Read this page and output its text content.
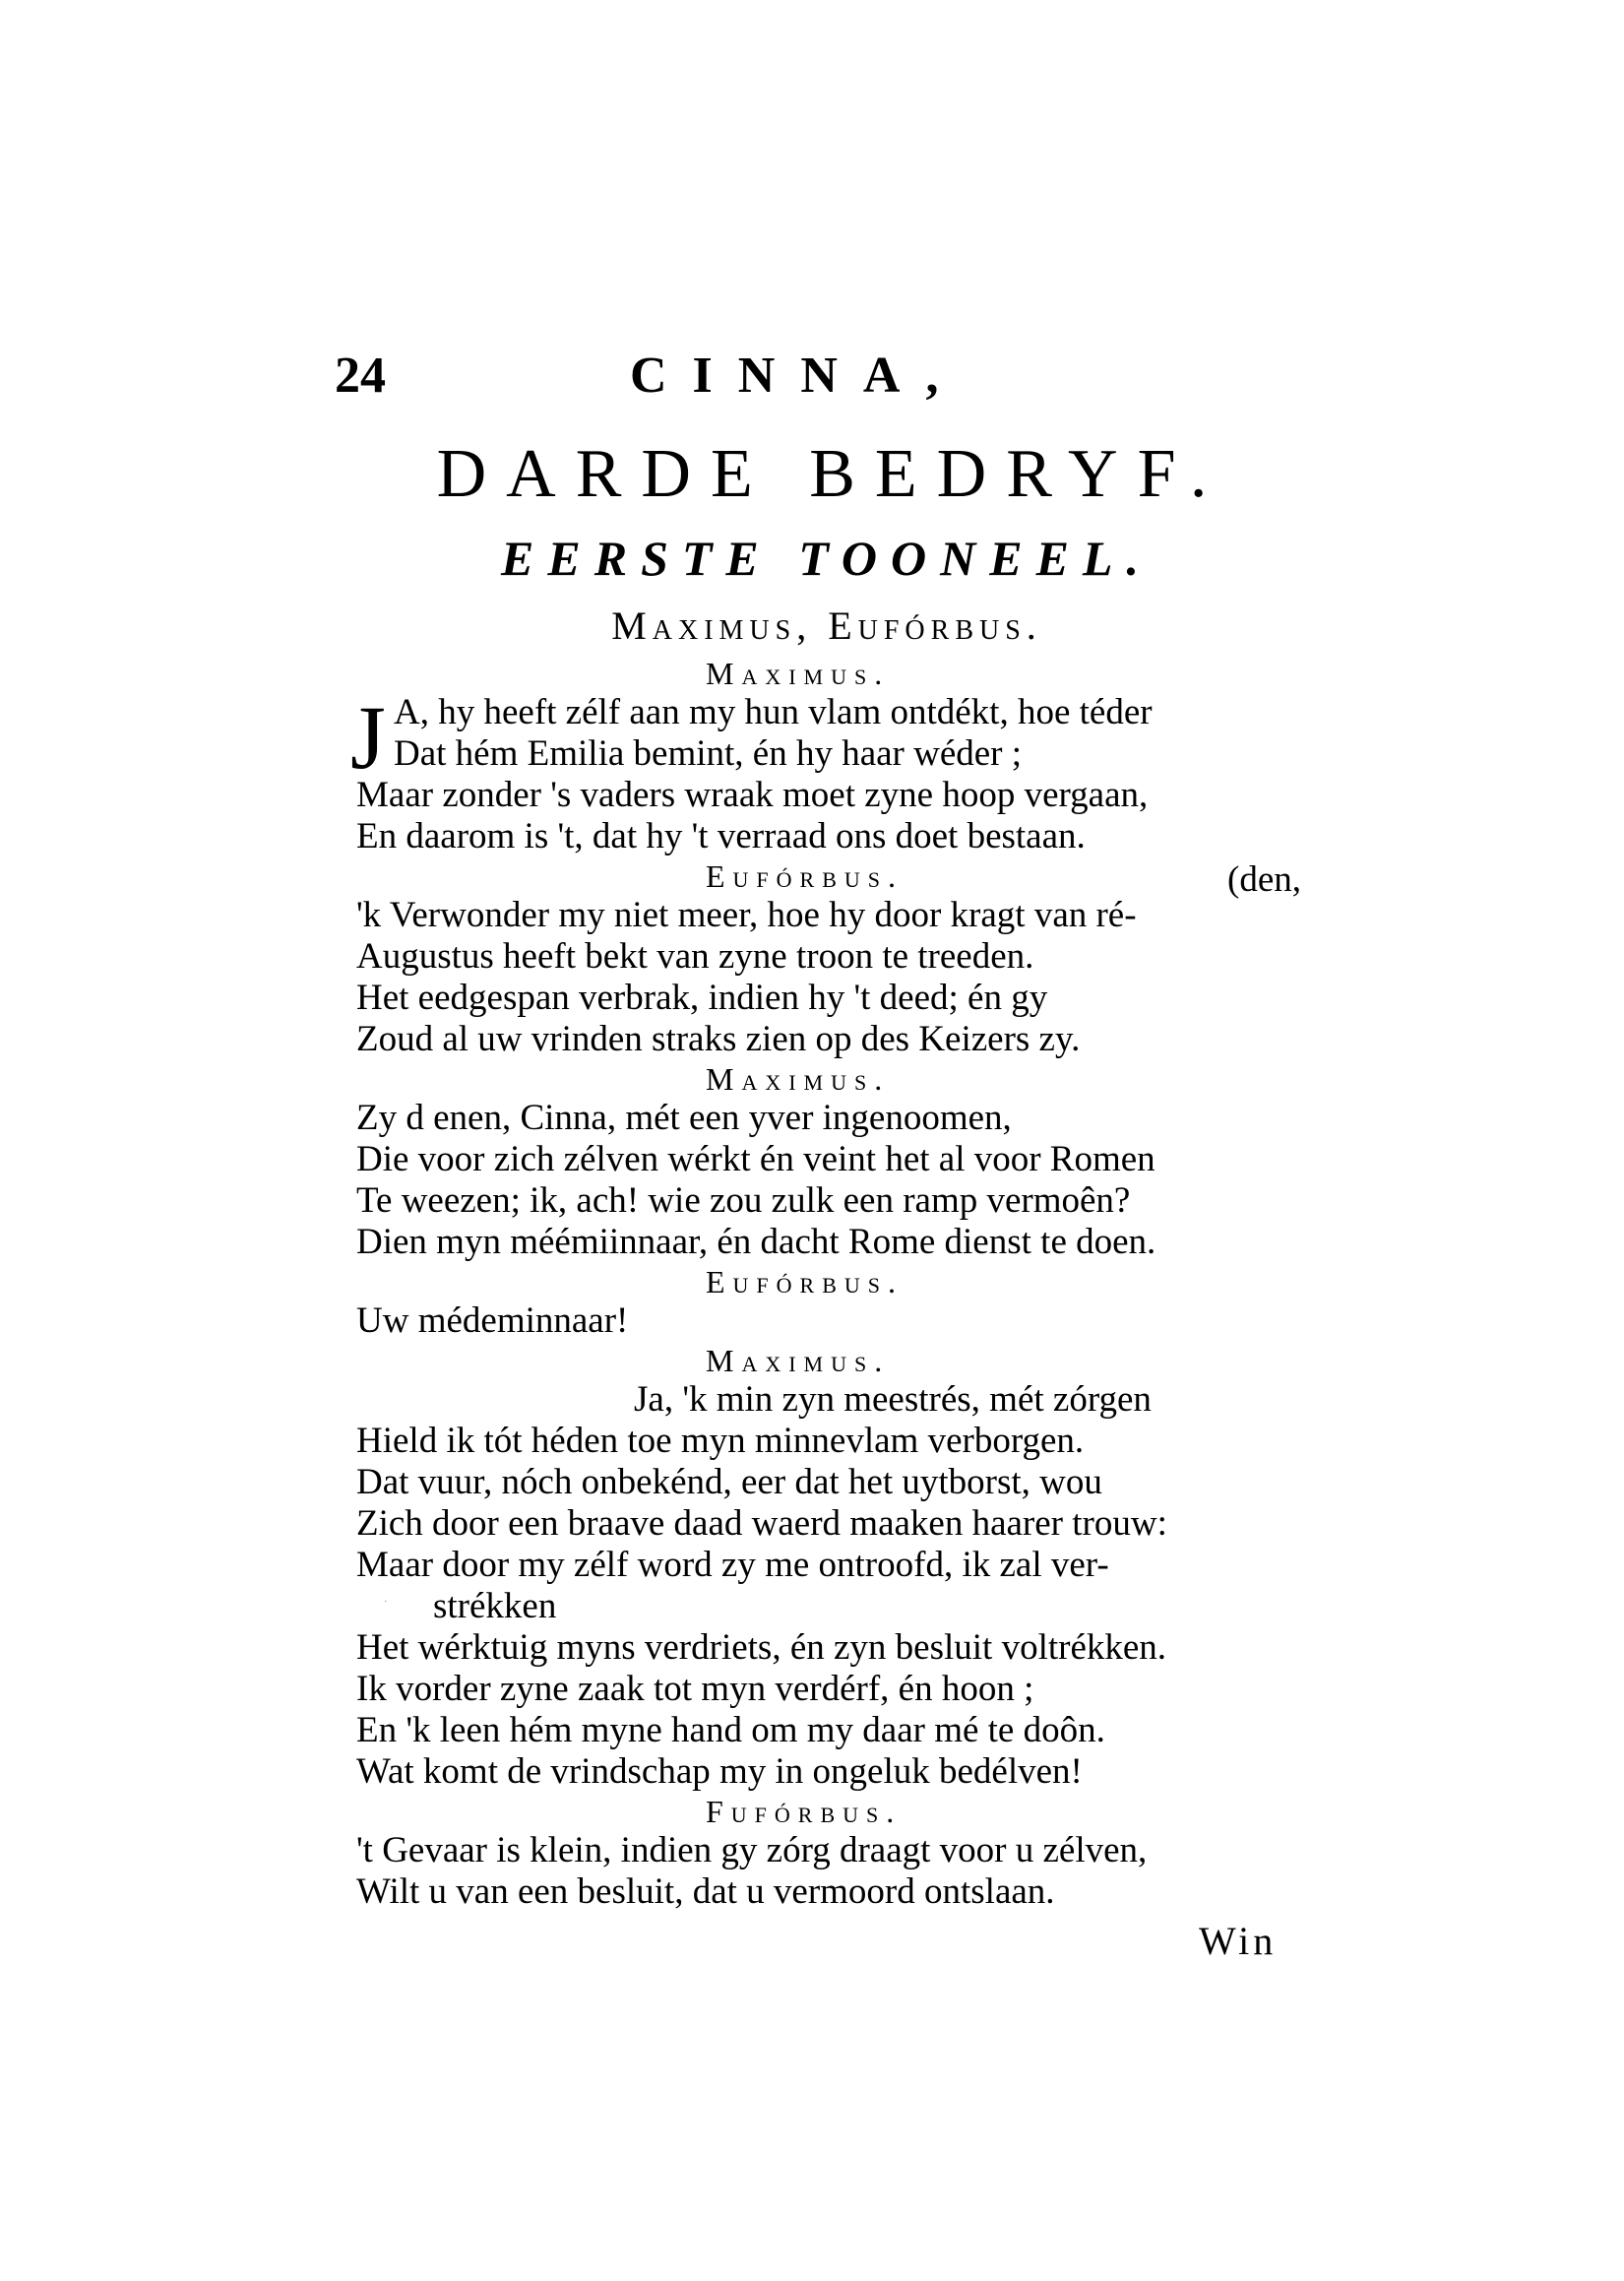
24	CINNA,
DARDE BEDRYF.
EERSTE TOONEEL.
Maximus, Eufórbus.
Maximus.
J A, hy heeft zélf aan my hun vlam ontdékt, hoe téder
Dat hém Emilia bemint, én hy haar wéder ;
Maar zonder 's vaders wraak moet zyne hoop vergaan,
En daarom is 't, dat hy 't verraad ons doet bestaan.
Eufórbus.	(den,
'k Verwonder my niet meer, hoe hy door kragt van ré-
Augustus heeft bekt van zyne troon te treeden.
Het eedgespan verbrak, indien hy 't deed; én gy
Zoud al uw vrinden straks zien op des Keizers zy.
Maximus.
Zy d enen, Cinna, mét een yver ingenoomen,
Die voor zich zélven wérkt én veint het al voor Romen
Te weezen; ik, ach! wie zou zulk een ramp vermoên?
Dien myn méémiinnaar, én dacht Rome dienst te doen.
Eufórbus.
Uw médeminnaar!
Maximus.
Ja, 'k min zyn meestrés, mét zórgen
Hield ik tót héden toe myn minnevlam verborgen.
Dat vuur, nóch onbekénd, eer dat het uytborst, wou
Zich door een braave daad waerd maaken haarer trouw:
Maar door my zélf word zy me ontroofd, ik zal ver-
strékken
Het wérktuig myns verdriets, én zyn besluit voltrékken.
Ik vorder zyne zaak tot myn verdérf, én hoon ;
En 'k leen hém myne hand om my daar mé te doôn.
Wat komt de vrindschap my in ongeluk bedélven!
Fufórbus.
't Gevaar is klein, indien gy zórg draagt voor u zélven,
Wilt u van een besluit, dat u vermoord ontslaan.
Win
·
